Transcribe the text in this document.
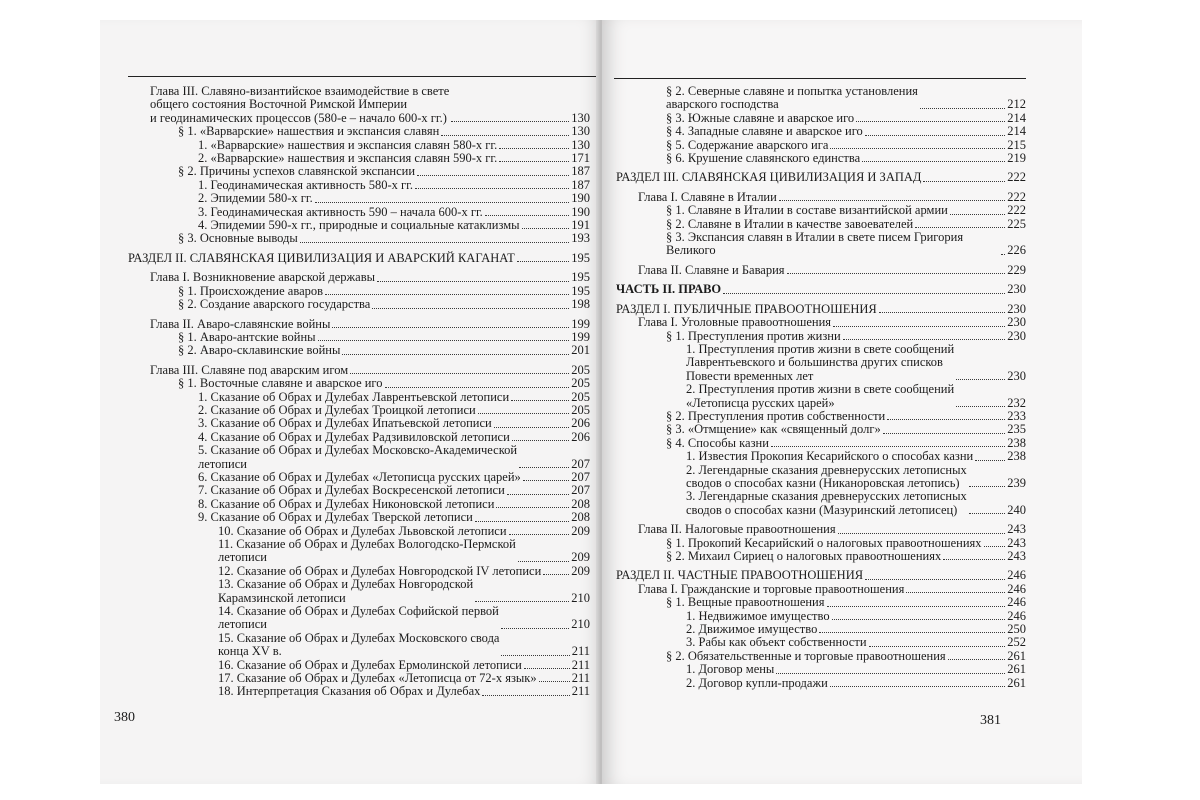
Глава III. Славяно-византийское взаимодействие в свете
общего состояния Восточной Римской Империи
и геодинамических процессов (580-е – начало 600-х гг.)	130
§ 1. «Варварские» нашествия и экспансия славян	130
1. «Варварские» нашествия и экспансия славян 580-х гг.	130
2. «Варварские» нашествия и экспансия славян 590-х гг.	171
§ 2. Причины успехов славянской экспансии	187
1. Геодинамическая активность 580-х гг.	187
2. Эпидемии 580-х гг.	190
3. Геодинамическая активность 590 – начала 600-х гг.	190
4. Эпидемии 590-х гг., природные и социальные катаклизмы	191
§ 3. Основные выводы	193
РАЗДЕЛ II. СЛАВЯНСКАЯ ЦИВИЛИЗАЦИЯ И АВАРСКИЙ КАГАНАТ	195
Глава I. Возникновение аварской державы	195
§ 1. Происхождение аваров	195
§ 2. Создание аварского государства	198
Глава II. Аваро-славянские войны	199
§ 1. Аваро-антские войны	199
§ 2. Аваро-склавинские войны	201
Глава III. Славяне под аварским игом	205
§ 1. Восточные славяне и аварское иго	205
1. Сказание об Обрах и Дулебах Лаврентьевской летописи	205
2. Сказание об Обрах и Дулебах Троицкой летописи	205
3. Сказание об Обрах и Дулебах Ипатьевской летописи	206
4. Сказание об Обрах и Дулебах Радзивиловской летописи	206
5. Сказание об Обрах и Дулебах Московско-Академической
летописи	207
6. Сказание об Обрах и Дулебах «Летописца русских царей»	207
7. Сказание об Обрах и Дулебах Воскресенской летописи	207
8. Сказание об Обрах и Дулебах Никоновской летописи	208
9. Сказание об Обрах и Дулебах Тверской летописи	208
10. Сказание об Обрах и Дулебах Львовской летописи	209
11. Сказание об Обрах и Дулебах Вологодско-Пермской
летописи	209
12. Сказание об Обрах и Дулебах Новгородской IV летописи 209
13. Сказание об Обрах и Дулебах Новгородской
Карамзинской летописи	210
14. Сказание об Обрах и Дулебах Софийской первой
летописи	210
15. Сказание об Обрах и Дулебах Московского свода
конца XV в.	211
16. Сказание об Обрах и Дулебах Ермолинской летописи	211
17. Сказание об Обрах и Дулебах «Летописца от 72-х язык»	211
18. Интерпретация Сказания об Обрах и Дулебах	211
380
§ 2. Северные славяне и попытка установления
аварского господства	212
§ 3. Южные славяне и аварское иго	214
§ 4. Западные славяне и аварское иго	214
§ 5. Содержание аварского ига	215
§ 6. Крушение славянского единства	219
РАЗДЕЛ III. СЛАВЯНСКАЯ ЦИВИЛИЗАЦИЯ И ЗАПАД	222
Глава I. Славяне в Италии	222
§ 1. Славяне в Италии в составе византийской армии	222
§ 2. Славяне в Италии в качестве завоевателей	225
§ 3. Экспансия славян в Италии в свете писем Григория Великого	226
Глава II. Славяне и Бавария	229
ЧАСТЬ II. ПРАВО	230
РАЗДЕЛ I. ПУБЛИЧНЫЕ ПРАВООТНОШЕНИЯ	230
Глава I. Уголовные правоотношения	230
§ 1. Преступления против жизни	230
1. Преступления против жизни в свете сообщений
Лаврентьевского и большинства других списков
Повести временных лет	230
2. Преступления против жизни в свете сообщений
«Летописца русских царей»	232
§ 2. Преступления против собственности	233
§ 3. «Отмщение» как «священный долг»	235
§ 4. Способы казни	238
1. Известия Прокопия Кесарийского о способах казни	238
2. Легендарные сказания древнерусских летописных
сводов о способах казни (Никаноровская летопись)	239
3. Легендарные сказания древнерусских летописных
сводов о способах казни (Мазуринский летописец)	240
Глава II. Налоговые правоотношения	243
§ 1. Прокопий Кесарийский о налоговых правоотношениях 243
§ 2. Михаил Сириец о налоговых правоотношениях	243
РАЗДЕЛ II. ЧАСТНЫЕ ПРАВООТНОШЕНИЯ	246
Глава I. Гражданские и торговые правоотношения	246
§ 1. Вещные правоотношения	246
1. Недвижимое имущество	246
2. Движимое имущество	250
3. Рабы как объект собственности	252
§ 2. Обязательственные и торговые правоотношения	261
1. Договор мены	261
2. Договор купли-продажи	261
381
